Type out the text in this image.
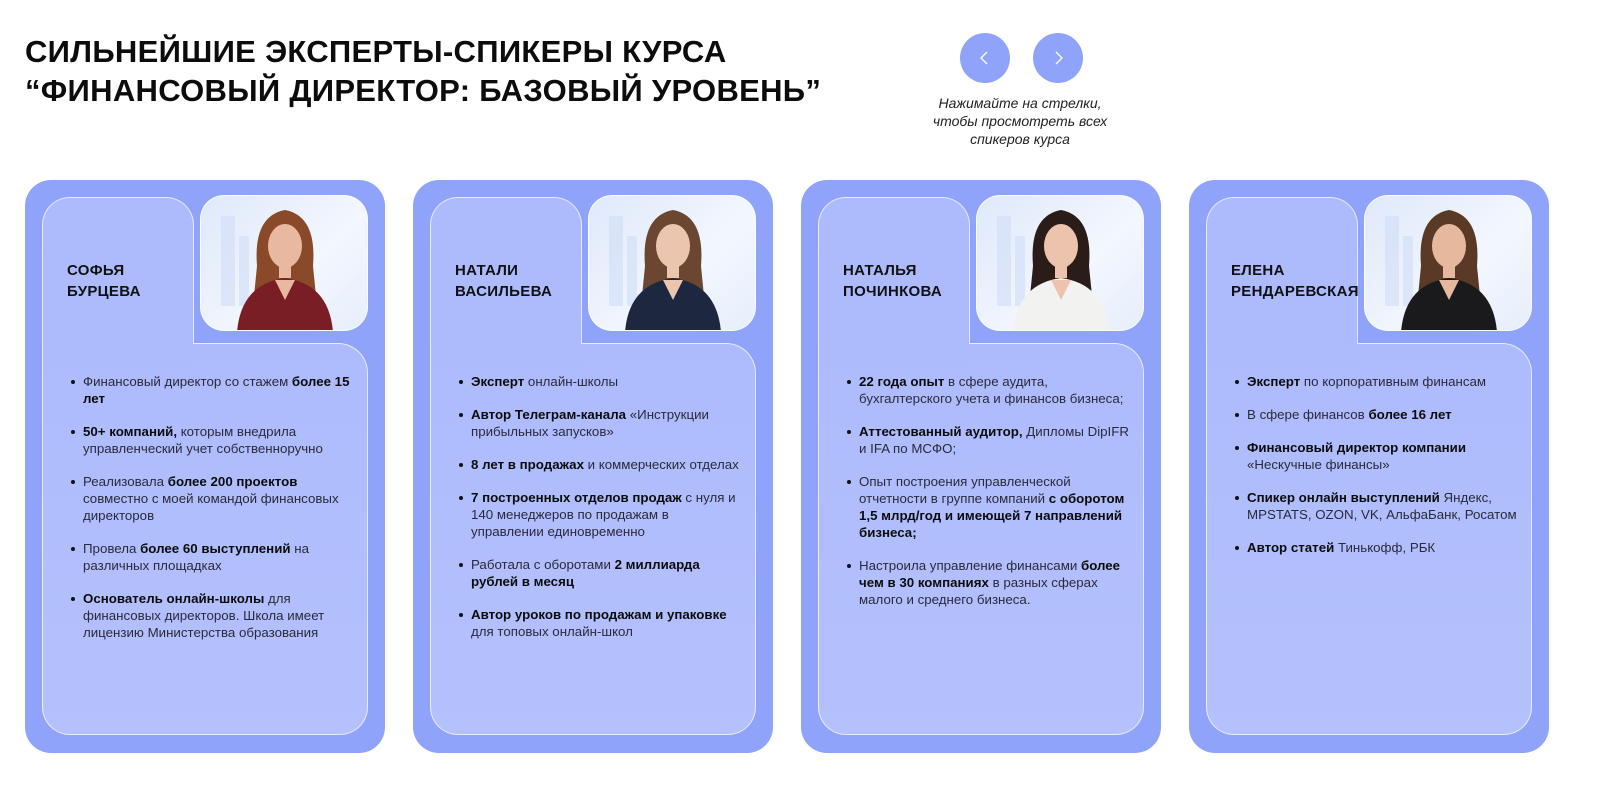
СИЛЬНЕЙШИЕ ЭКСПЕРТЫ-СПИКЕРЫ КУРСА
“ФИНАНСОВЫЙ ДИРЕКТОР: БАЗОВЫЙ УРОВЕНЬ”	Нажимайте на стрелки,
чтобы просмотреть всех
спикеров курса
СОФЬЯ
БУРЦЕВА
Финансовый директор со стажем более 15 лет
50+ компаний, которым внедрила управленческий учет собственноручно
Реализовала более 200 проектов совместно с моей командой финансовых директоров
Провела более 60 выступлений на различных площадках
Основатель онлайн-школы для финансовых директоров. Школа имеет лицензию Министерства образования
НАТАЛИ
ВАСИЛЬЕВА
Эксперт онлайн-школы
Автор Телеграм-канала «Инструкции прибыльных запусков»
8 лет в продажах и коммерческих отделах
7 построенных отделов продаж с нуля и 140 менеджеров по продажам в управлении единовременно
Работала с оборотами 2 миллиарда рублей в месяц
Автор уроков по продажам и упаковке для топовых онлайн-школ
НАТАЛЬЯ
ПОЧИНКОВА
22 года опыт в сфере аудита, бухгалтерского учета и финансов бизнеса;
Аттестованный аудитор, Дипломы DipIFR и IFA по МСФО;
Опыт построения управленческой отчетности в группе компаний с оборотом 1,5 млрд/год и имеющей 7 направлений бизнеса;
Настроила управление финансами более чем в 30 компаниях в разных сферах малого и среднего бизнеса.
ЕЛЕНА
РЕНДАРЕВСКАЯ
Эксперт по корпоративным финансам
В сфере финансов более 16 лет
Финансовый директор компании «Нескучные финансы»
Спикер онлайн выступлений Яндекс, MPSTATS, OZON, VK, АльфаБанк, Росатом
Автор статей Тинькофф, РБК
